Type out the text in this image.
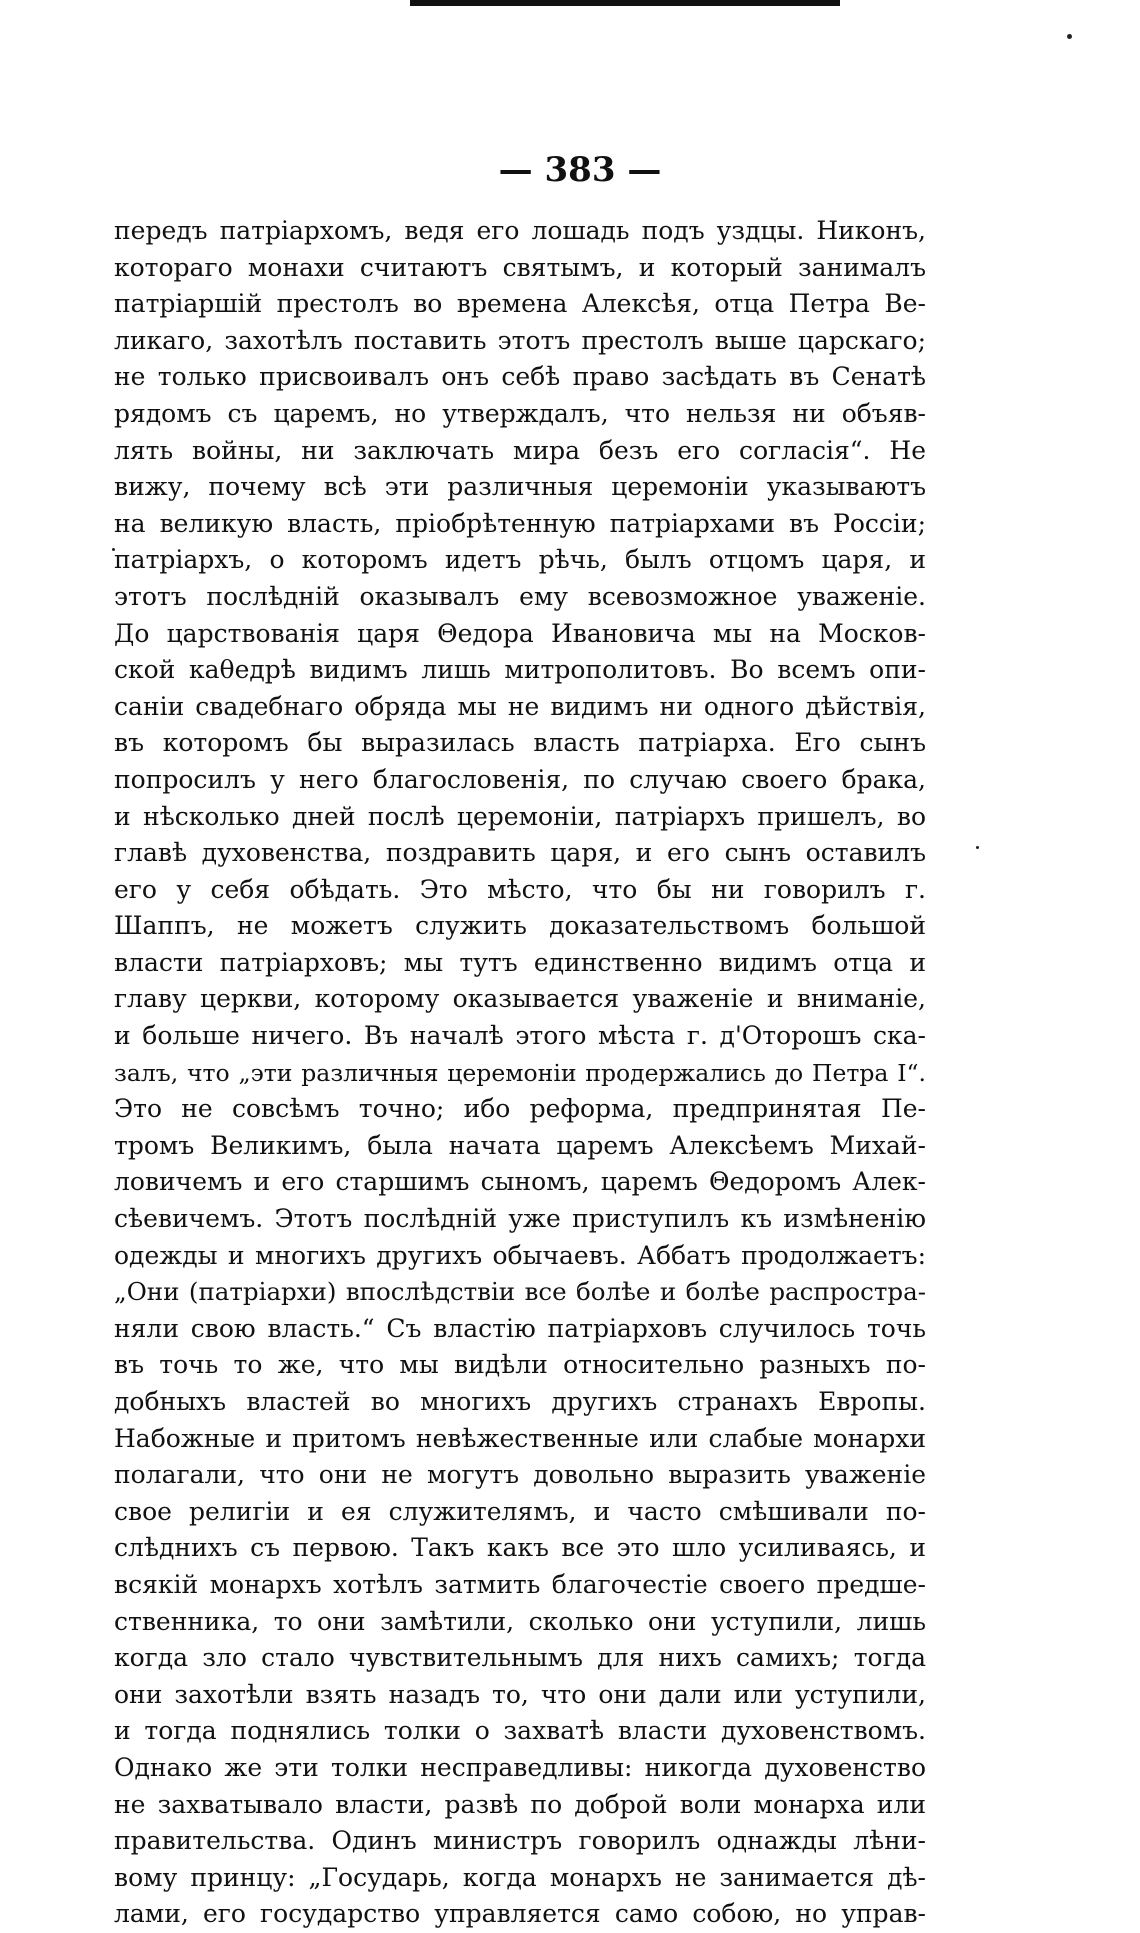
— 383 —
передъ патріархомъ, ведя его лошадь подъ уздцы. Никонъ,
котораго монахи считаютъ святымъ, и который занималъ
патріаршій престолъ во времена Алексѣя, отца Петра Ве-
ликаго, захотѣлъ поставить этотъ престолъ выше царскаго;
не только присвоивалъ онъ себѣ право засѣдать въ Сенатѣ
рядомъ съ царемъ, но утверждалъ, что нельзя ни объяв-
лять войны, ни заключать мира безъ его согласія“. Не
вижу, почему всѣ эти различныя церемоніи указываютъ
на великую власть, пріобрѣтенную патріархами въ Россіи;
патріархъ, о которомъ идетъ рѣчь, былъ отцомъ царя, и
этотъ послѣдній оказывалъ ему всевозможное уваженіе.
До царствованія царя Θедора Ивановича мы на Москов-
ской каθедрѣ видимъ лишь митрополитовъ. Во всемъ опи-
саніи свадебнаго обряда мы не видимъ ни одного дѣйствія,
въ которомъ бы выразилась власть патріарха. Его сынъ
попросилъ у него благословенія, по случаю своего брака,
и нѣсколько дней послѣ церемоніи, патріархъ пришелъ, во
главѣ духовенства, поздравить царя, и его сынъ оставилъ
его у себя обѣдать. Это мѣсто, что бы ни говорилъ г.
Шаппъ, не можетъ служить доказательствомъ большой
власти патріарховъ; мы тутъ единственно видимъ отца и
главу церкви, которому оказывается уваженіе и вниманіе,
и больше ничего. Въ началѣ этого мѣста г. д'Оторошъ ска-
залъ, что „эти различныя церемоніи продержались до Петра I“.
Это не совсѣмъ точно; ибо реформа, предпринятая Пе-
тромъ Великимъ, была начата царемъ Алексѣемъ Михай-
ловичемъ и его старшимъ сыномъ, царемъ Θедоромъ Алек-
сѣевичемъ. Этотъ послѣдній уже приступилъ къ измѣненію
одежды и многихъ другихъ обычаевъ. Аббатъ продолжаетъ:
„Они (патріархи) впослѣдствіи все болѣе и болѣе распростра-
няли свою власть.“ Съ властію патріарховъ случилось точь
въ точь то же, что мы видѣли относительно разныхъ по-
добныхъ властей во многихъ другихъ странахъ Европы.
Набожные и притомъ невѣжественные или слабые монархи
полагали, что они не могутъ довольно выразить уваженіе
свое религіи и ея служителямъ, и часто смѣшивали по-
слѣднихъ съ первою. Такъ какъ все это шло усиливаясь, и
всякій монархъ хотѣлъ затмить благочестіе своего предше-
ственника, то они замѣтили, сколько они уступили, лишь
когда зло стало чувствительнымъ для нихъ самихъ; тогда
они захотѣли взять назадъ то, что они дали или уступили,
и тогда поднялись толки о захватѣ власти духовенствомъ.
Однако же эти толки несправедливы: никогда духовенство
не захватывало власти, развѣ по доброй воли монарха или
правительства. Одинъ министръ говорилъ однажды лѣни-
вому принцу: „Государь, когда монархъ не занимается дѣ-
лами, его государство управляется само собою, но управ-
